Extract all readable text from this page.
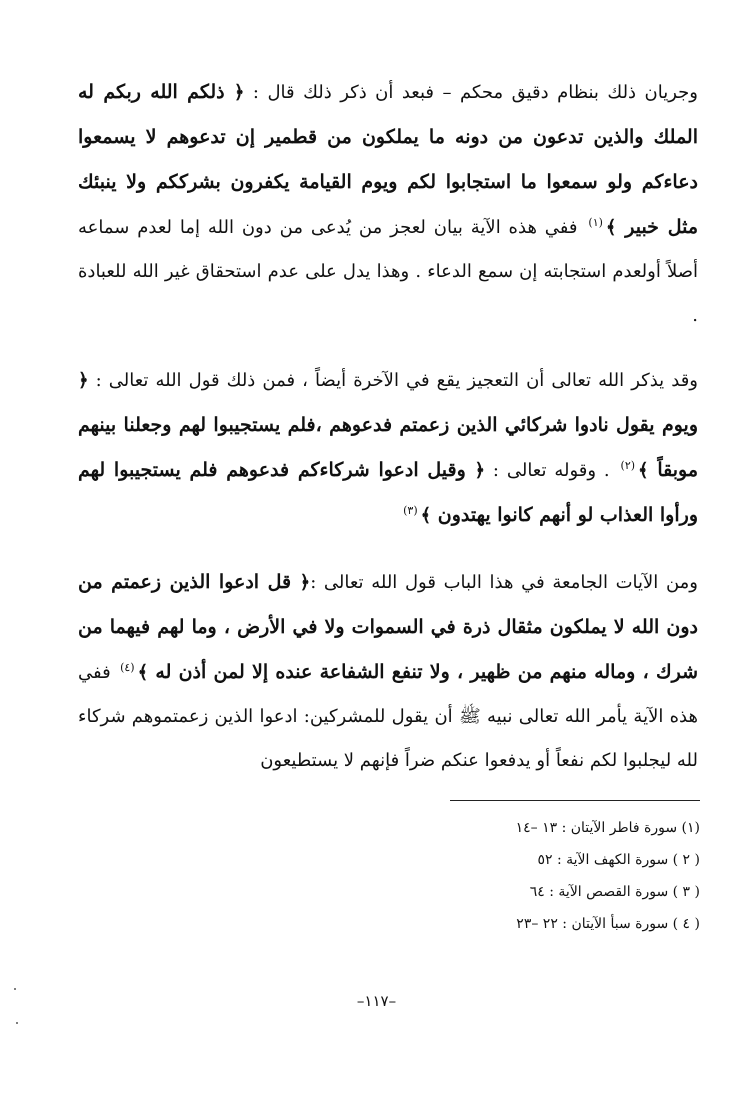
وجريان ذلك بنظام دقيق محكم – فبعد أن ذكر ذلك قال : ﴿ ذلكم الله ربكم له الملك والذين تدعون من دونه ما يملكون من قطمير إن تدعوهم لا يسمعوا دعاءكم ولو سمعوا ما استجابوا لكم ويوم القيامة يكفرون بشرككم ولا ينبئك مثل خبير ﴾$^{(١)}$ ففي هذه الآية بيان لعجز من يُدعى من دون الله إما لعدم سماعه أصلاً أولعدم استجابته إن سمع الدعاء . وهذا يدل على عدم استحقاق غير الله للعبادة .
وقد يذكر الله تعالى أن التعجيز يقع في الآخرة أيضاً ، فمن ذلك قول الله تعالى : ﴿ ويوم يقول نادوا شركائي الذين زعمتم فدعوهم ،فلم يستجيبوا لهم وجعلنا بينهم موبقاً ﴾$^{(٢)}$ . وقوله تعالى : ﴿ وقيل ادعوا شركاءكم فدعوهم فلم يستجيبوا لهم ورأوا العذاب لو أنهم كانوا يهتدون ﴾$^{(٣)}$
ومن الآيات الجامعة في هذا الباب قول الله تعالى :﴿ قل ادعوا الذين زعمتم من دون الله لا يملكون مثقال ذرة في السموات ولا في الأرض ، وما لهم فيهما من شرك ، وماله منهم من ظهير ، ولا تنفع الشفاعة عنده إلا لمن أذن له ﴾$^{(٤)}$ ففي هذه الآية يأمر الله تعالى نبيه ﷺ أن يقول للمشركين: ادعوا الذين زعمتموهم شركاء لله ليجلبوا لكم نفعاً أو يدفعوا عنكم ضراً فإنهم لا يستطيعون
(١) سورة فاطر الآيتان : ١٣ –١٤
( ٢ ) سورة الكهف الآية : ٥٢
( ٣ ) سورة القصص الآية : ٦٤
( ٤ ) سورة سبأ الآيتان : ٢٢ –٢٣
–١١٧–
